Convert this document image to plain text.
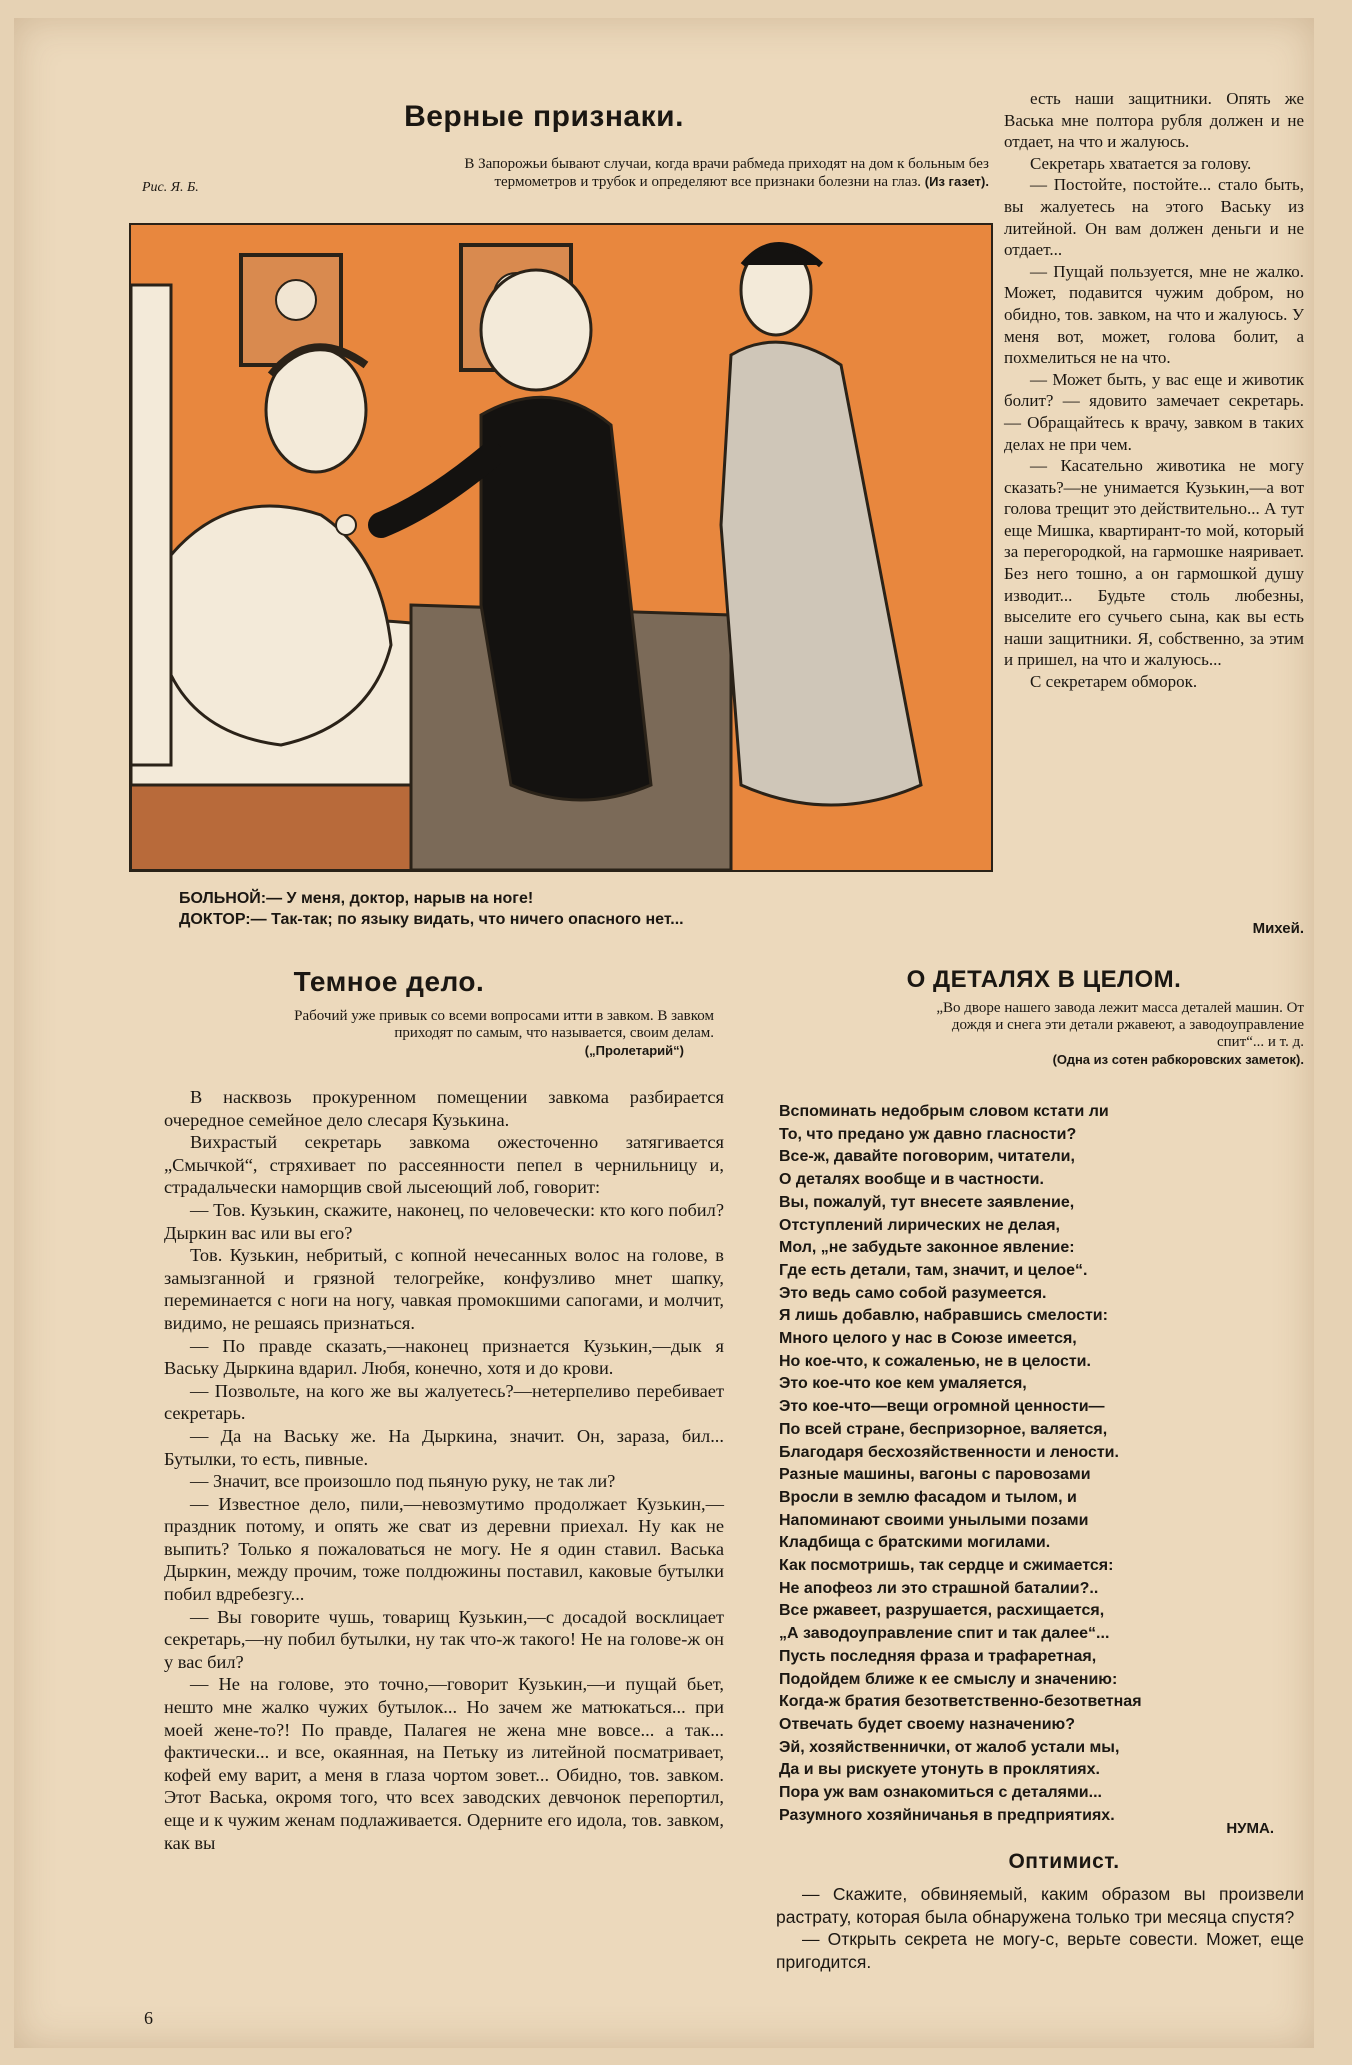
Верные признаки.
Рис. Я. Б.
В Запорожьи бывают случаи, когда врачи рабмеда приходят на дом к больным без термометров и трубок и определяют все признаки болезни на глаз. (Из газет).
БОЛЬНОЙ:— У меня, доктор, нарыв на ноге!
ДОКТОР:— Так-так; по языку видать, что ничего опасного нет...

есть наши защитники. Опять же Васька мне полтора рубля должен и не отдает, на что и жалуюсь.

Секретарь хватается за голову.

— Постойте, постойте... стало быть, вы жалуетесь на этого Ваську из литейной. Он вам должен деньги и не отдает...

— Пущай пользуется, мне не жалко. Может, подавится чужим добром, но обидно, тов. завком, на что и жалуюсь. У меня вот, может, голова болит, а похмелиться не на что.

— Может быть, у вас еще и животик болит? — ядовито замечает секретарь. — Обращайтесь к врачу, завком в таких делах не при чем.

— Касательно животика не могу сказать?—не унимается Кузькин,—а вот голова трещит это действительно... А тут еще Мишка, квартирант-то мой, который за перегородкой, на гармошке наяривает. Без него тошно, а он гармошкой душу изводит... Будьте столь любезны, выселите его сучьего сына, как вы есть наши защитники. Я, собственно, за этим и пришел, на что и жалуюсь...

С секретарем обморок.

Михей.
Темное дело.
Рабочий уже привык со всеми вопросами итти в завком. В завком приходят по самым, что называется, своим делам.
(„Пролетарий“)

В насквозь прокуренном помещении завкома разбирается очередное семейное дело слесаря Кузькина.

Вихрастый секретарь завкома ожесточенно затягивается „Смычкой“, стряхивает по рассеянности пепел в чернильницу и, страдальчески наморщив свой лысеющий лоб, говорит:

— Тов. Кузькин, скажите, наконец, по человечески: кто кого побил? Дыркин вас или вы его?

Тов. Кузькин, небритый, с копной нечесанных волос на голове, в замызганной и грязной телогрейке, конфузливо мнет шапку, переминается с ноги на ногу, чавкая промокшими сапогами, и молчит, видимо, не решаясь признаться.

— По правде сказать,—наконец признается Кузькин,—дык я Ваську Дыркина вдарил. Любя, конечно, хотя и до крови.

— Позвольте, на кого же вы жалуетесь?—нетерпеливо перебивает секретарь.

— Да на Ваську же. На Дыркина, значит. Он, зараза, бил... Бутылки, то есть, пивные.

— Значит, все произошло под пьяную руку, не так ли?

— Известное дело, пили,—невозмутимо продолжает Кузькин,—праздник потому, и опять же сват из деревни приехал. Ну как не выпить? Только я пожаловаться не могу. Не я один ставил. Васька Дыркин, между прочим, тоже полдюжины поставил, каковые бутылки побил вдребезгу...

— Вы говорите чушь, товарищ Кузькин,—с досадой восклицает секретарь,—ну побил бутылки, ну так что-ж такого! Не на голове-ж он у вас бил?

— Не на голове, это точно,—говорит Кузькин,—и пущай бьет, нешто мне жалко чужих бутылок... Но зачем же матюкаться... при моей жене-то?! По правде, Палагея не жена мне вовсе... а так... фактически... и все, окаянная, на Петьку из литейной посматривает, кофей ему варит, а меня в глаза чортом зовет... Обидно, тов. завком. Этот Васька, окромя того, что всех заводских девчонок перепортил, еще и к чужим женам подлаживается. Одерните его идола, тов. завком, как вы

О ДЕТАЛЯХ В ЦЕЛОМ.
„Во дворе нашего завода лежит масса деталей машин. От дождя и снега эти детали ржавеют, а заводоуправление спит“... и т. д.
(Одна из сотен рабкоровских заметок).
Вспоминать недобрым словом кстати ли
То, что предано уж давно гласности?
Все-ж, давайте поговорим, читатели,
О деталях вообще и в частности.
Вы, пожалуй, тут внесете заявление,
Отступлений лирических не делая,
Мол, „не забудьте законное явление:
Где есть детали, там, значит, и целое“.
Это ведь само собой разумеется.
Я лишь добавлю, набравшись смелости:
Много целого у нас в Союзе имеется,
Но кое-что, к сожаленью, не в целости.
Это кое-что кое кем умаляется,
Это кое-что—вещи огромной ценности—
По всей стране, беспризорное, валяется,
Благодаря бесхозяйственности и лености.
Разные машины, вагоны с паровозами
Вросли в землю фасадом и тылом, и
Напоминают своими унылыми позами
Кладбища с братскими могилами.
Как посмотришь, так сердце и сжимается:
Не апофеоз ли это страшной баталии?..
Все ржавеет, разрушается, расхищается,
„А заводоуправление спит и так далее“...
Пусть последняя фраза и трафаретная,
Подойдем ближе к ее смыслу и значению:
Когда-ж братия безответственно-безответная
Отвечать будет своему назначению?
Эй, хозяйственнички, от жалоб устали мы,
Да и вы рискуете утонуть в проклятиях.
Пора уж вам ознакомиться с деталями...
Разумного хозяйничанья в предприятиях.
НУМА.
Оптимист.

— Скажите, обвиняемый, каким образом вы произвели растрату, которая была обнаружена только три месяца спустя?

— Открыть секрета не могу-с, верьте совести. Может, еще пригодится.

6
